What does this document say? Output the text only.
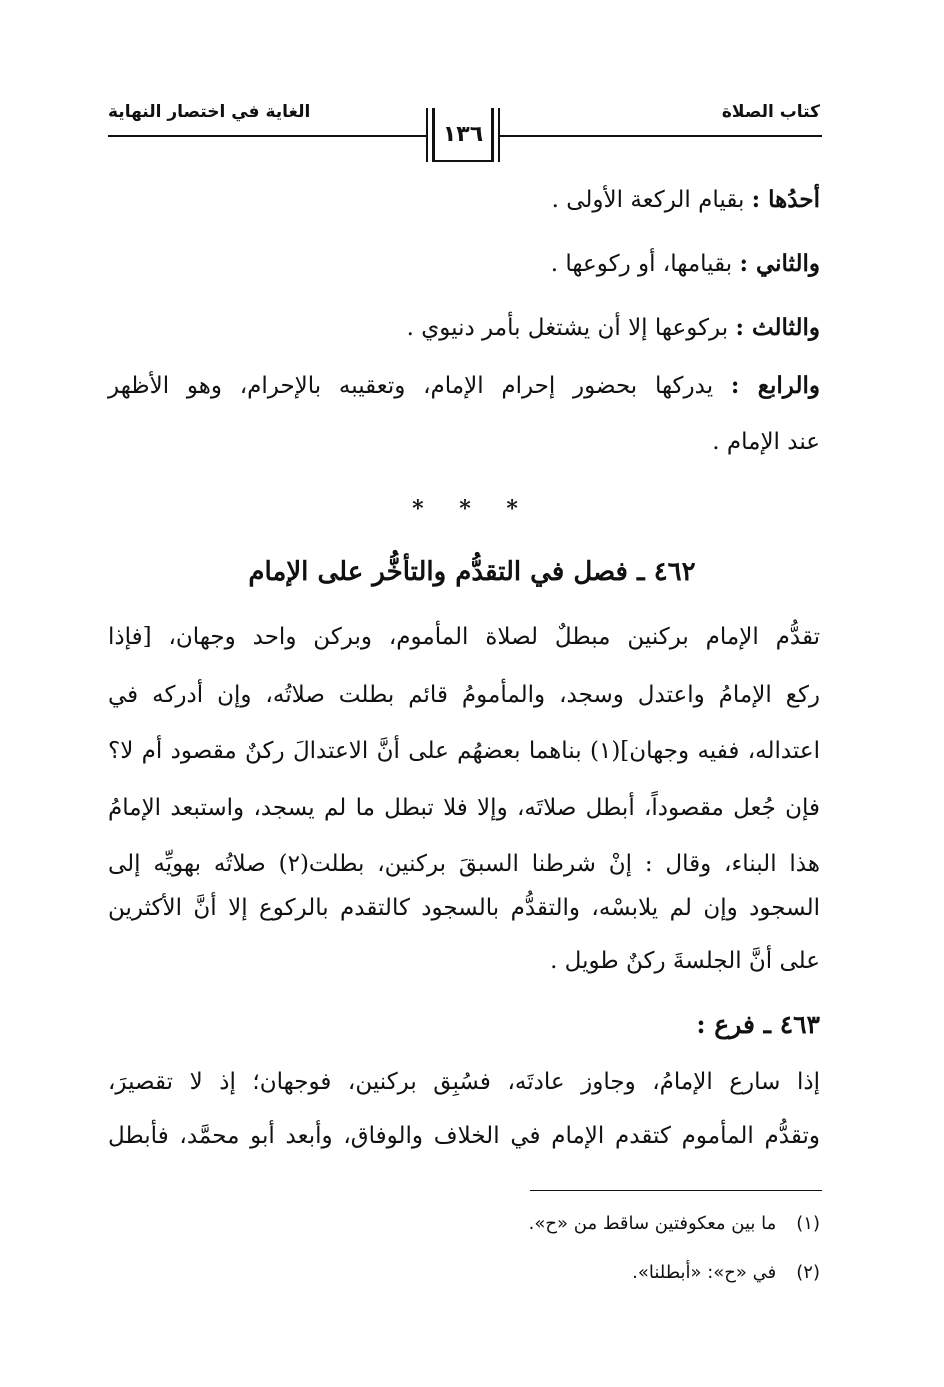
كتاب الصلاة
الغاية في اختصار النهاية
١٣٦
أحدُها : بقيام الركعة الأولى .
والثاني : بقيامها، أو ركوعها .
والثالث : بركوعها إلا أن يشتغل بأمر دنيوي .
والرابع : يدركها بحضور إحرام الإمام، وتعقيبه بالإحرام، وهو الأظهر
عند الإمام .
* * *
٤٦٢ ـ فصل في التقدُّم والتأخُّر على الإمام
تقدُّم الإمام بركنين مبطلٌ لصلاة المأموم، وبركن واحد وجهان، [فإذا
ركع الإمامُ واعتدل وسجد، والمأمومُ قائم بطلت صلاتُه، وإن أدركه في
اعتداله، ففيه وجهان](١) بناهما بعضهُم على أنَّ الاعتدالَ ركنٌ مقصود أم لا؟
فإن جُعل مقصوداً، أبطل صلاتَه، وإلا فلا تبطل ما لم يسجد، واستبعد الإمامُ
هذا البناء، وقال : إنْ شرطنا السبقَ بركنين، بطلت(٢) صلاتُه بهويِّه إلى
السجود وإن لم يلابسْه، والتقدُّم بالسجود كالتقدم بالركوع إلا أنَّ الأكثرين
على أنَّ الجلسةَ ركنٌ طويل .
٤٦٣ ـ فرع :
إذا سارع الإمامُ، وجاوز عادتَه، فسُبِق بركنين، فوجهان؛ إذ لا تقصيرَ،
وتقدُّم المأموم كتقدم الإمام في الخلاف والوفاق، وأبعد أبو محمَّد، فأبطل
(١)ما بين معكوفتين ساقط من «ح».
(٢)في «ح»: «أبطلنا».
